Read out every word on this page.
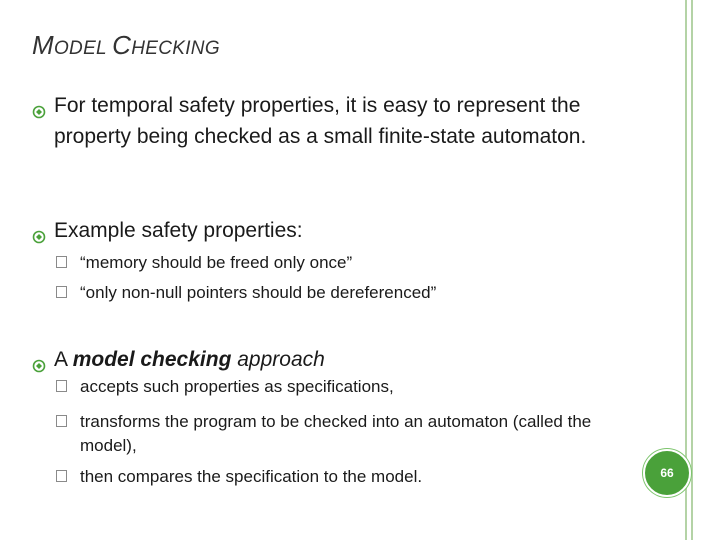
MODEL CHECKING
For temporal safety properties, it is easy to represent the property being checked as a small finite-state automaton.
Example safety properties:
“memory should be freed only once”
“only non-null pointers should be dereferenced”
A model checking approach
accepts such properties as specifications,
transforms the program to be checked into an automaton (called the model),
then compares the specification to the model.	66
